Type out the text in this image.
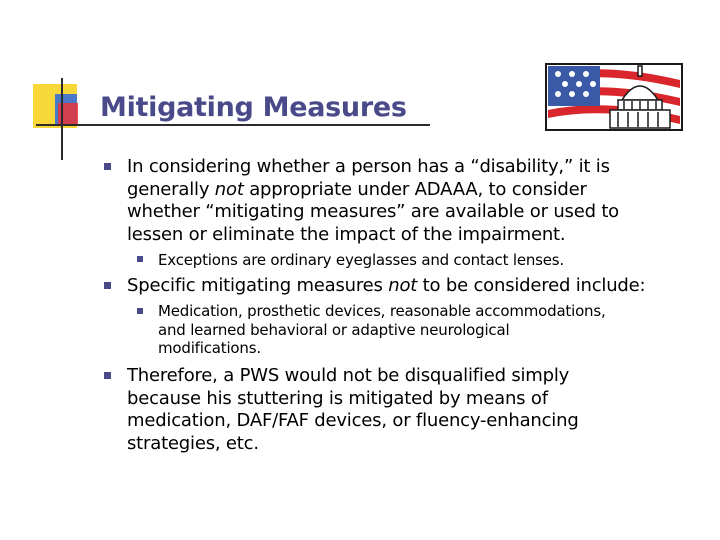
Mitigating Measures
In considering whether a person has a “disability,” it is
generally not appropriate under ADAAA, to consider
whether “mitigating measures” are available or used to
lessen or eliminate the impact of the impairment.
Exceptions are ordinary eyeglasses and contact lenses.
Specific mitigating measures not to be considered include:
Medication, prosthetic devices, reasonable accommodations,
and learned behavioral or adaptive neurological
modifications.
Therefore, a PWS would not be disqualified simply
because his stuttering is mitigated by means of
medication, DAF/FAF devices, or fluency-enhancing
strategies, etc.
